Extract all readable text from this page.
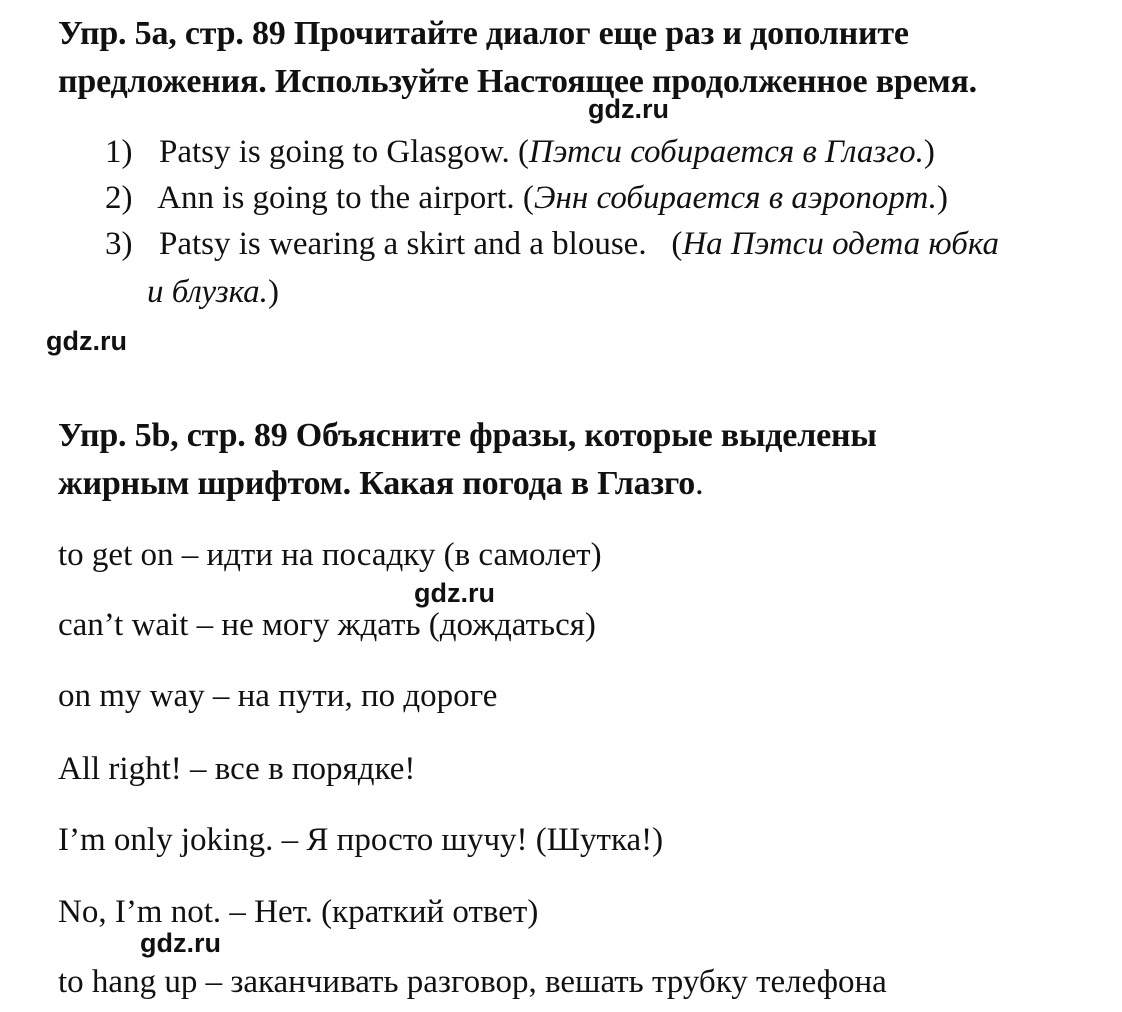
Упр. 5а, стр. 89 Прочитайте диалог еще раз и дополните
предложения. Используйте Настоящее продолженное время.
gdz.ru
1) Patsy is going to Glasgow. (Пэтси собирается в Глазго.)
2) Ann is going to the airport. (Энн собирается в аэропорт.)
3) Patsy is wearing a skirt and a blouse.   (На Пэтси одета юбка
и блузка.)
gdz.ru
Упр. 5b, стр. 89 Объясните фразы, которые выделены
жирным шрифтом. Какая погода в Глазго.
to get on – идти на посадку (в самолет)
gdz.ru
can’t wait – не могу ждать (дождаться)
on my way – на пути, по дороге
All right! – все в порядке!
I’m only joking. – Я просто шучу! (Шутка!)
No, I’m not. – Нет. (краткий ответ)
gdz.ru
to hang up – заканчивать разговор, вешать трубку телефона
